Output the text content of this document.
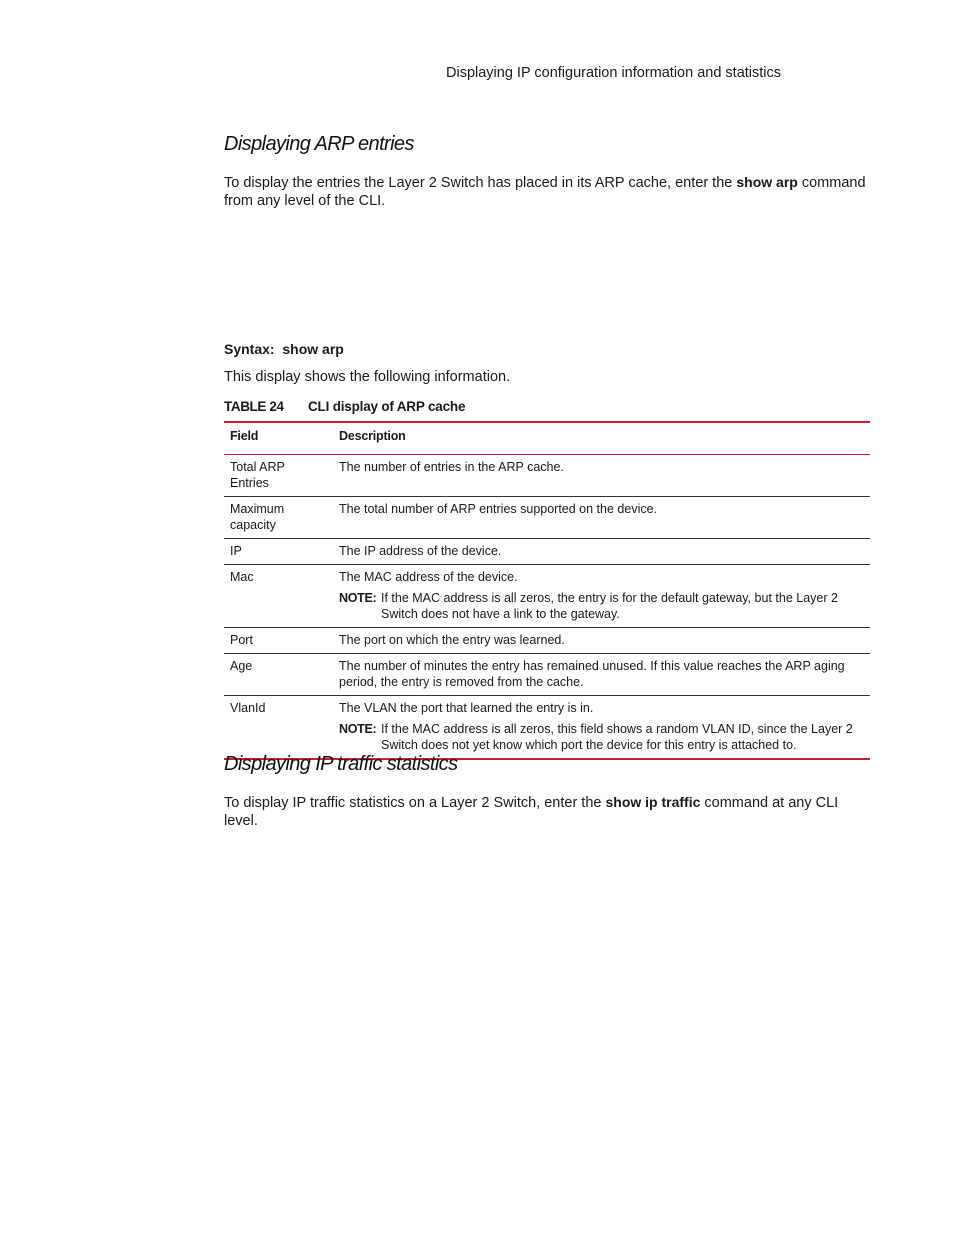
Displaying IP configuration information and statistics
Displaying ARP entries

To display the entries the Layer 2 Switch has placed in its ARP cache, enter the show arp command from any level of the CLI.

Syntax: show arp

This display shows the following information.

TABLE 24 CLI display of ARP cache
Field	Description
Total ARP Entries	The number of entries in the ARP cache.
Maximum capacity	The total number of ARP entries supported on the device.
IP	The IP address of the device.
Mac	The MAC address of the device.
NOTE: If the MAC address is all zeros, the entry is for the default gateway, but the Layer 2 Switch does not have a link to the gateway.

Port	The port on which the entry was learned.
Age	The number of minutes the entry has remained unused. If this value reaches the ARP aging period, the entry is removed from the cache.
VlanId	The VLAN the port that learned the entry is in.
NOTE: If the MAC address is all zeros, this field shows a random VLAN ID, since the Layer 2 Switch does not yet know which port the device for this entry is attached to.
Displaying IP traffic statistics

To display IP traffic statistics on a Layer 2 Switch, enter the show ip traffic command at any CLI level.
